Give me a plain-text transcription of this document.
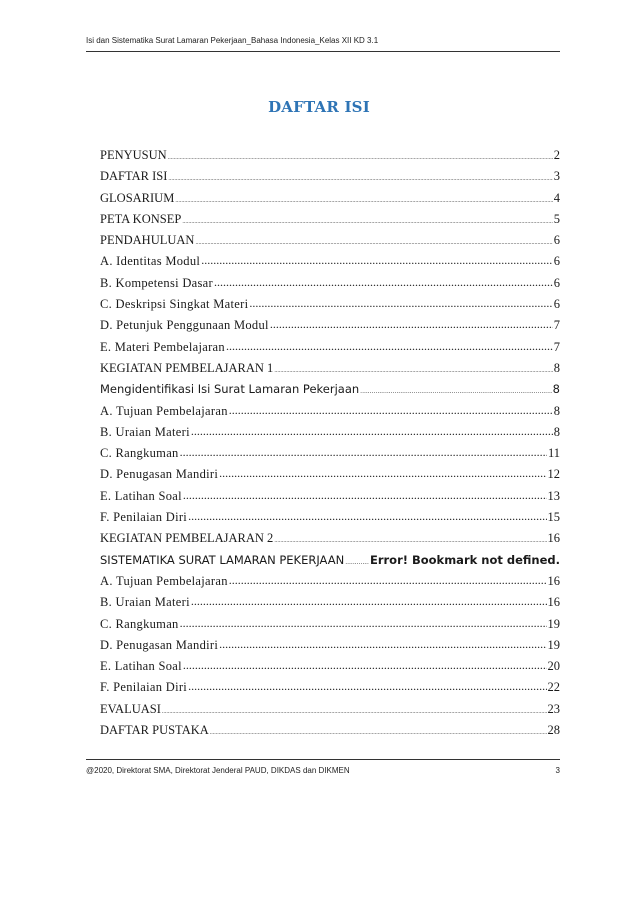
Isi dan Sistematika Surat Lamaran Pekerjaan_Bahasa Indonesia_Kelas XII KD 3.1
DAFTAR ISI
PENYUSUN .....	2
DAFTAR ISI .....	3
GLOSARIUM .....	4
PETA KONSEP .....	5
PENDAHULUAN .....	6
A. Identitas Modul .....	6
B. Kompetensi Dasar .....	6
C. Deskripsi Singkat Materi .....	6
D. Petunjuk Penggunaan Modul .....	7
E. Materi Pembelajaran .....	7
KEGIATAN PEMBELAJARAN 1 .....	8
Mengidentifikasi Isi Surat Lamaran Pekerjaan .....	8
A. Tujuan Pembelajaran .....	8
B. Uraian Materi .....	8
C. Rangkuman .....	11
D. Penugasan Mandiri .....	12
E. Latihan Soal .....	13
F. Penilaian Diri .....	15
KEGIATAN PEMBELAJARAN 2 .....	16
SISTEMATIKA SURAT LAMARAN PEKERJAAN ..... Error! Bookmark not defined.
A. Tujuan Pembelajaran .....	16
B. Uraian Materi .....	16
C. Rangkuman .....	19
D. Penugasan Mandiri .....	19
E. Latihan Soal .....	20
F. Penilaian Diri .....	22
EVALUASI .....	23
DAFTAR PUSTAKA .....	28
@2020, Direktorat SMA, Direktorat Jenderal PAUD, DIKDAS dan DIKMEN	3
